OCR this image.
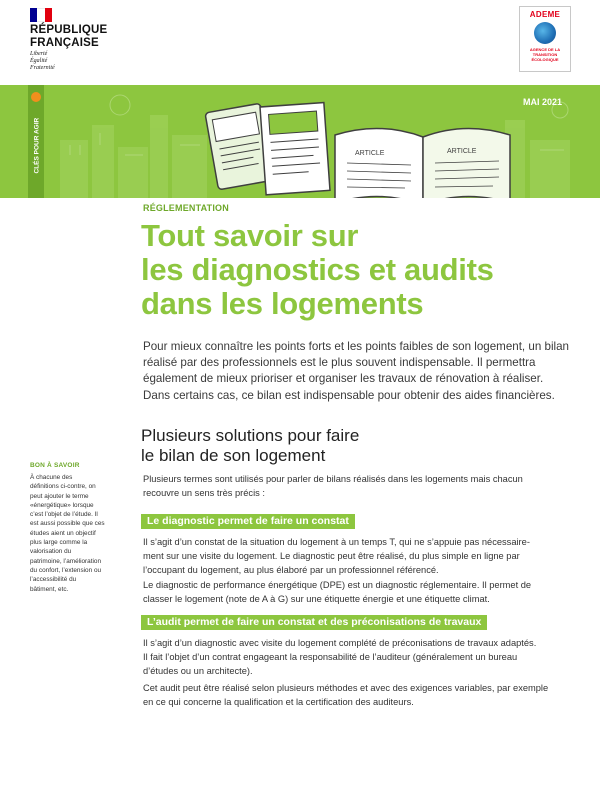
RÉPUBLIQUE
FRANÇAISE
Liberté
Égalité
Fraternité
ADEME
AGENCE DE LA
TRANSITION
ÉCOLOGIQUE
ARTICLE	ARTICLE
CLÉS POUR AGIR
MAI 2021
RÉGLEMENTATION
Tout savoir sur
les diagnostics et audits
dans les logements
Pour mieux connaître les points forts et les points faibles de son logement, un bilan
réalisé par des professionnels est le plus souvent indispensable. Il permettra
également de mieux prioriser et organiser les travaux de rénovation à réaliser.
Dans certains cas, ce bilan est indispensable pour obtenir des aides financières.
Plusieurs solutions pour faire
le bilan de son logement
BON À SAVOIR
À chacune des
définitions ci-contre, on
peut ajouter le terme
«énergétique» lorsque
c’est l’objet de l’étude. Il
est aussi possible que ces
études aient un objectif
plus large comme la
valorisation du
patrimoine, l’amélioration
du confort, l’extension ou
l’accessibilité du
bâtiment, etc.
Plusieurs termes sont utilisés pour parler de bilans réalisés dans les logements mais chacun
recouvre un sens très précis :
Le diagnostic permet de faire un constat
Il s’agit d’un constat de la situation du logement à un temps T, qui ne s’appuie pas nécessaire-
ment sur une visite du logement. Le diagnostic peut être réalisé, du plus simple en ligne par
l’occupant du logement, au plus élaboré par un professionnel référencé.
Le diagnostic de performance énergétique (DPE) est un diagnostic réglementaire. Il permet de
classer le logement (note de A à G) sur une étiquette énergie et une étiquette climat.
L’audit permet de faire un constat et des préconisations de travaux
Il s’agit d’un diagnostic avec visite du logement complété de préconisations de travaux adaptés.
Il fait l’objet d’un contrat engageant la responsabilité de l’auditeur (généralement un bureau
d’études ou un architecte).
Cet audit peut être réalisé selon plusieurs méthodes et avec des exigences variables, par exemple
en ce qui concerne la qualification et la certification des auditeurs.
